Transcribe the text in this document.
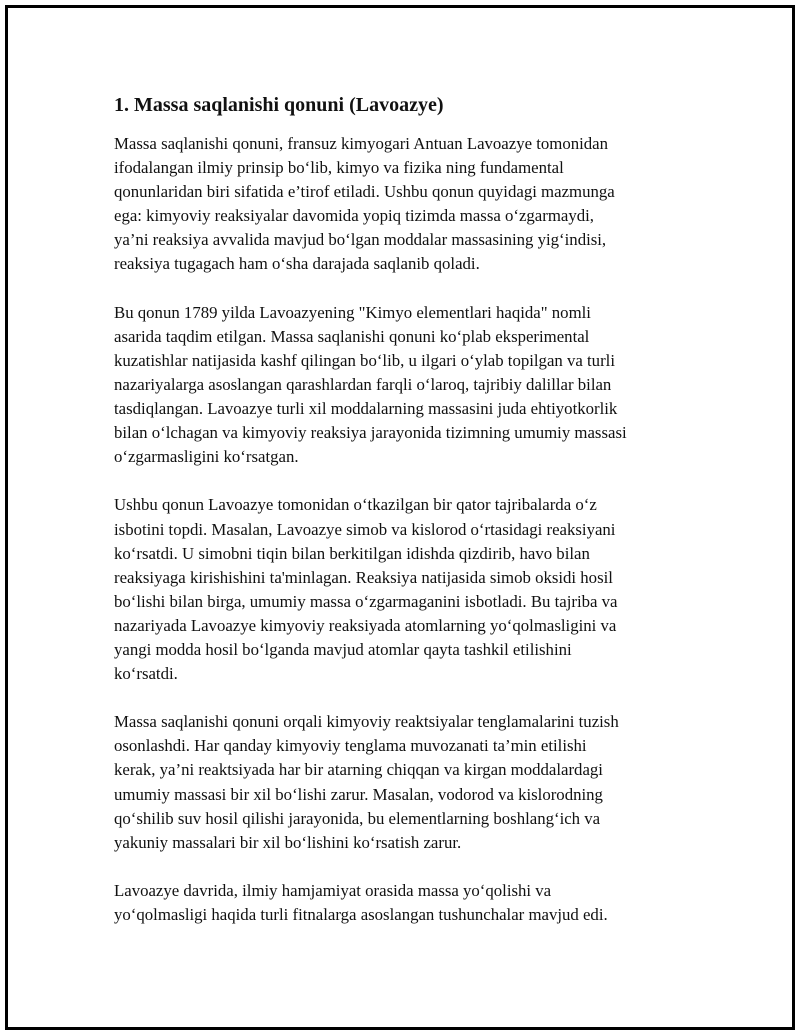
1. Massa saqlanishi qonuni (Lavoazye)

Massa saqlanishi qonuni, fransuz kimyogari Antuan Lavoazye tomonidan
ifodalangan ilmiy prinsip bo‘lib, kimyo va fizika ning fundamental
qonunlaridan biri sifatida e’tirof etiladi. Ushbu qonun quyidagi mazmunga
ega: kimyoviy reaksiyalar davomida yopiq tizimda massa o‘zgarmaydi,
ya’ni reaksiya avvalida mavjud bo‘lgan moddalar massasining yig‘indisi,
reaksiya tugagach ham o‘sha darajada saqlanib qoladi.

Bu qonun 1789 yilda Lavoazyening "Kimyo elementlari haqida" nomli
asarida taqdim etilgan. Massa saqlanishi qonuni ko‘plab eksperimental
kuzatishlar natijasida kashf qilingan bo‘lib, u ilgari o‘ylab topilgan va turli
nazariyalarga asoslangan qarashlardan farqli o‘laroq, tajribiy dalillar bilan
tasdiqlangan. Lavoazye turli xil moddalarning massasini juda ehtiyotkorlik
bilan o‘lchagan va kimyoviy reaksiya jarayonida tizimning umumiy massasi
o‘zgarmasligini ko‘rsatgan.

Ushbu qonun Lavoazye tomonidan o‘tkazilgan bir qator tajribalarda o‘z
isbotini topdi. Masalan, Lavoazye simob va kislorod o‘rtasidagi reaksiyani
ko‘rsatdi. U simobni tiqin bilan berkitilgan idishda qizdirib, havo bilan
reaksiyaga kirishishini ta'minlagan. Reaksiya natijasida simob oksidi hosil
bo‘lishi bilan birga, umumiy massa o‘zgarmaganini isbotladi. Bu tajriba va
nazariyada Lavoazye kimyoviy reaksiyada atomlarning yo‘qolmasligini va
yangi modda hosil bo‘lganda mavjud atomlar qayta tashkil etilishini
ko‘rsatdi.

Massa saqlanishi qonuni orqali kimyoviy reaktsiyalar tenglamalarini tuzish
osonlashdi. Har qanday kimyoviy tenglama muvozanati ta’min etilishi
kerak, ya’ni reaktsiyada har bir atarning chiqqan va kirgan moddalardagi
umumiy massasi bir xil bo‘lishi zarur. Masalan, vodorod va kislorodning
qo‘shilib suv hosil qilishi jarayonida, bu elementlarning boshlang‘ich va
yakuniy massalari bir xil bo‘lishini ko‘rsatish zarur.

Lavoazye davrida, ilmiy hamjamiyat orasida massa yo‘qolishi va
yo‘qolmasligi haqida turli fitnalarga asoslangan tushunchalar mavjud edi.
